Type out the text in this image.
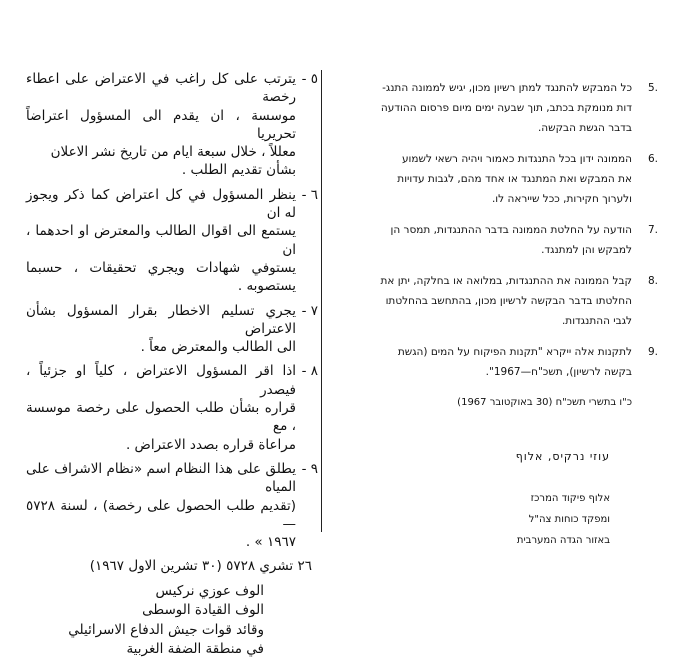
٥ -
يترتب على كل راغب في الاعتراض على اعطاء رخصة
موسسة ، ان يقدم الى المسؤول اعتراضاً تحريريا
معللاً ، خلال سبعة ايام من تاريخ نشر الاعلان
بشأن تقديم الطلب .
٦ -
ينظر المسؤول في كل اعتراض كما ذكر ويجوز له ان
يستمع الى اقوال الطالب والمعترض او احدهما ، ان
يستوفي شهادات ويجري تحقيقات ، حسبما يستصوبه .
٧ -
يجري تسليم الاخطار بقرار المسؤول بشأن الاعتراض
الى الطالب والمعترض معاً .
٨ -
اذا اقر المسؤول الاعتراض ، كلياً او جزئياً ، فيصدر
قراره بشأن طلب الحصول على رخصة موسسة ، مع
مراعاة قراره بصدد الاعتراض .
٩ -
يطلق على هذا النظام اسم «نظام الاشراف على المياه
(تقديم طلب الحصول على رخصة) ، لسنة ٥٧٢٨ —
١٩٦٧ » .
٢٦ تشري ٥٧٢٨ (٣٠ تشرين الاول ١٩٦٧)
الوف عوزي نركيس
الوف القيادة الوسطى
وقائد قوات جيش الدفاع الاسرائيلي
في منطقة الضفة الغربية
5.
כל המבקש להתנגד למתן רשיון מכון, יגיש לממונה התנג-
דות מנומקת בכתב, תוך שבעה ימים מיום פרסום ההודעה
בדבר הגשת הבקשה.
6.
הממונה ידון בכל התנגדות כאמור ויהיה רשאי לשמוע
את המבקש ואת המתנגד או אחד מהם, לגבות עדויות
ולערוך חקירות, ככל שייראה לו.
7.
הודעה על החלטת הממונה בדבר ההתנגדות, תמסר הן
למבקש והן למתנגד.
8.
קבל הממונה את ההתנגדות, במלואה או בחלקה, יתן את
החלטתו בדבר הבקשה לרשיון מכון, בהתחשב בהחלטתו
לגבי ההתנגדות.
9.
לתקנות אלה ייקרא "תקנות הפיקוח על המים (הגשת
בקשה לרשיון), תשכ"ח—1967".
כ"ו בתשרי תשכ"ח (30 באוקטובר 1967)

עוזי נרקיס, אלוף

אלוף פיקוד המרכז
ומפקד כוחות צה"ל
באזור הגדה המערבית
